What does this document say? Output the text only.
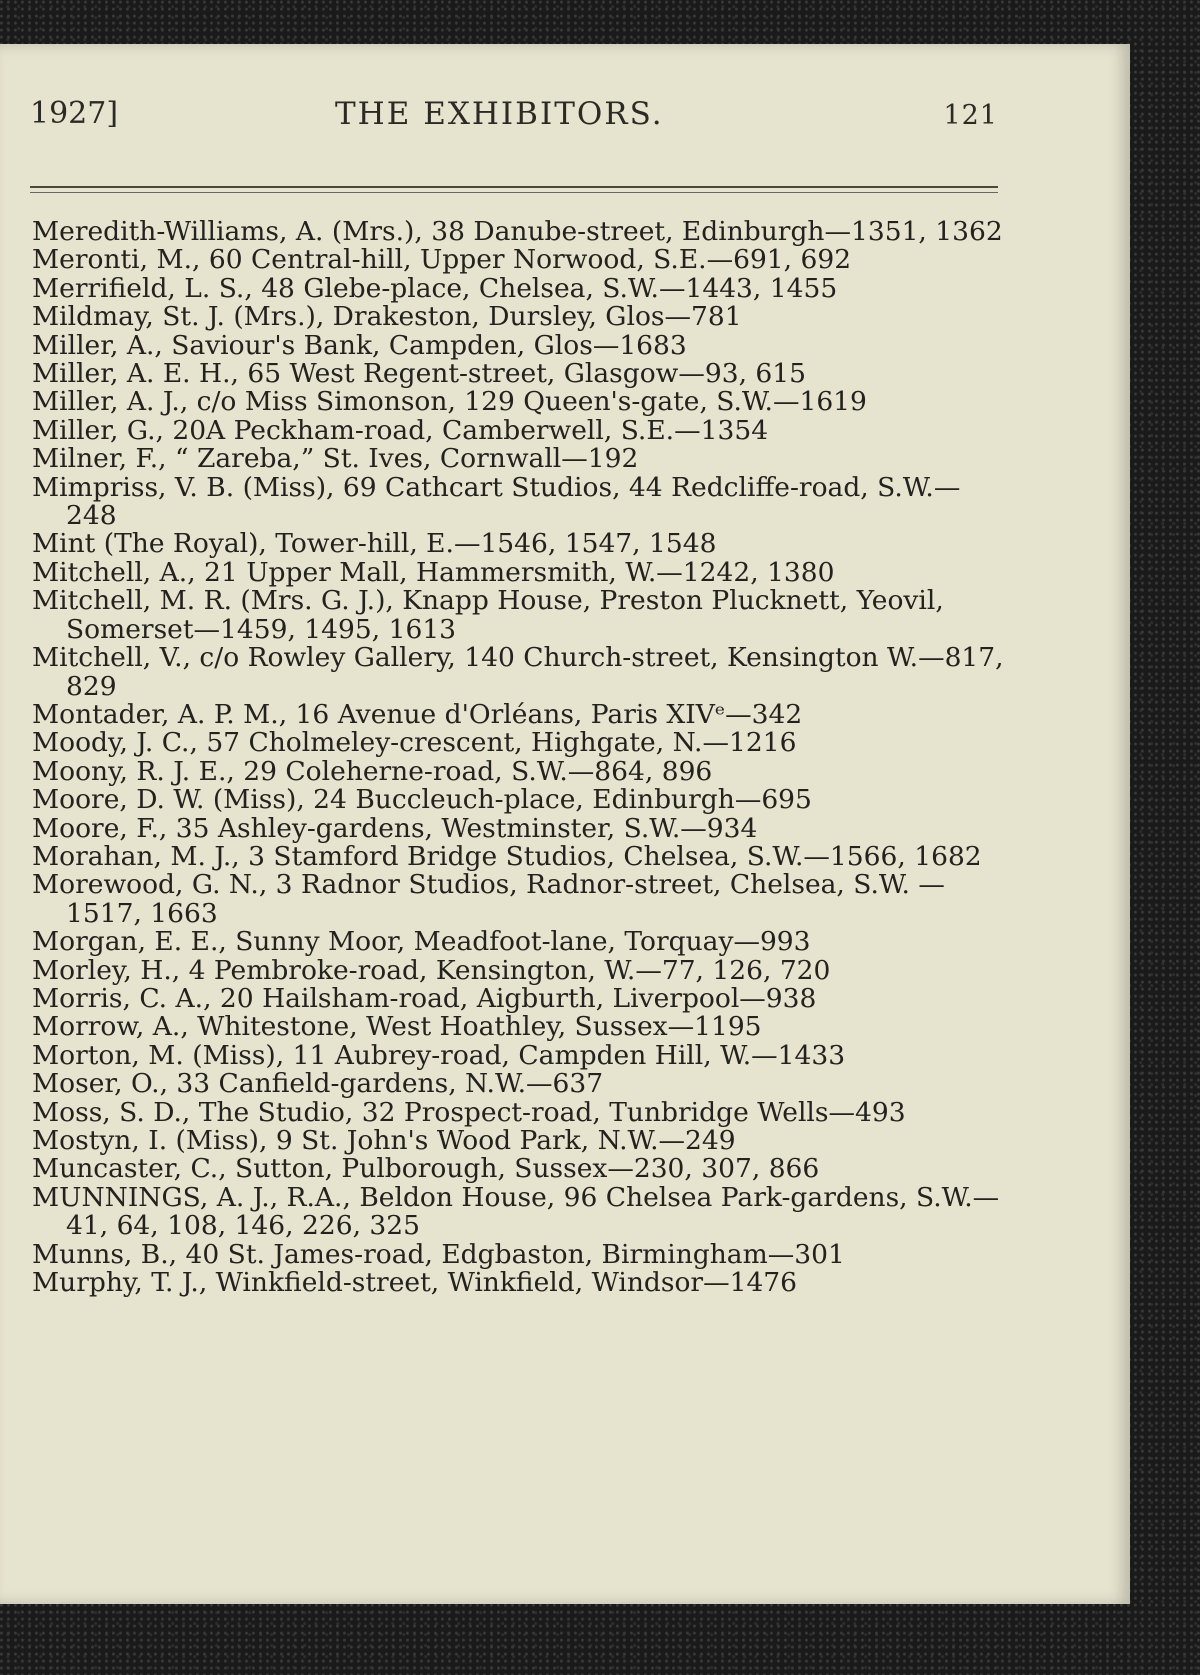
1927]	THE EXHIBITORS.	121

Meredith-Williams, A. (Mrs.), 38 Danube-street, Edinburgh—1351, 1362

Meronti, M., 60 Central-hill, Upper Norwood, S.E.—691, 692

Merrifield, L. S., 48 Glebe-place, Chelsea, S.W.—1443, 1455

Mildmay, St. J. (Mrs.), Drakeston, Dursley, Glos—781

Miller, A., Saviour's Bank, Campden, Glos—1683

Miller, A. E. H., 65 West Regent-street, Glasgow—93, 615

Miller, A. J., c/o Miss Simonson, 129 Queen's-gate, S.W.—1619

Miller, G., 20A Peckham-road, Camberwell, S.E.—1354

Milner, F., “ Zareba,” St. Ives, Cornwall—192

Mimpriss, V. B. (Miss), 69 Cathcart Studios, 44 Redcliffe-road, S.W.—248

Mint (The Royal), Tower-hill, E.—1546, 1547, 1548

Mitchell, A., 21 Upper Mall, Hammersmith, W.—1242, 1380

Mitchell, M. R. (Mrs. G. J.), Knapp House, Preston Plucknett, Yeovil, Somerset—1459, 1495, 1613

Mitchell, V., c/o Rowley Gallery, 140 Church-street, Kensington W.—817, 829

Montader, A. P. M., 16 Avenue d'Orléans, Paris XIVᵉ—342

Moody, J. C., 57 Cholmeley-crescent, Highgate, N.—1216

Moony, R. J. E., 29 Coleherne-road, S.W.—864, 896

Moore, D. W. (Miss), 24 Buccleuch-place, Edinburgh—695

Moore, F., 35 Ashley-gardens, Westminster, S.W.—934

Morahan, M. J., 3 Stamford Bridge Studios, Chelsea, S.W.—1566, 1682

Morewood, G. N., 3 Radnor Studios, Radnor-street, Chelsea, S.W. —1517, 1663

Morgan, E. E., Sunny Moor, Meadfoot-lane, Torquay—993

Morley, H., 4 Pembroke-road, Kensington, W.—77, 126, 720

Morris, C. A., 20 Hailsham-road, Aigburth, Liverpool—938

Morrow, A., Whitestone, West Hoathley, Sussex—1195

Morton, M. (Miss), 11 Aubrey-road, Campden Hill, W.—1433

Moser, O., 33 Canfield-gardens, N.W.—637

Moss, S. D., The Studio, 32 Prospect-road, Tunbridge Wells—493

Mostyn, I. (Miss), 9 St. John's Wood Park, N.W.—249

Muncaster, C., Sutton, Pulborough, Sussex—230, 307, 866

MUNNINGS, A. J., R.A., Beldon House, 96 Chelsea Park-gardens, S.W.—41, 64, 108, 146, 226, 325

Munns, B., 40 St. James-road, Edgbaston, Birmingham—301

Murphy, T. J., Winkfield-street, Winkfield, Windsor—1476
